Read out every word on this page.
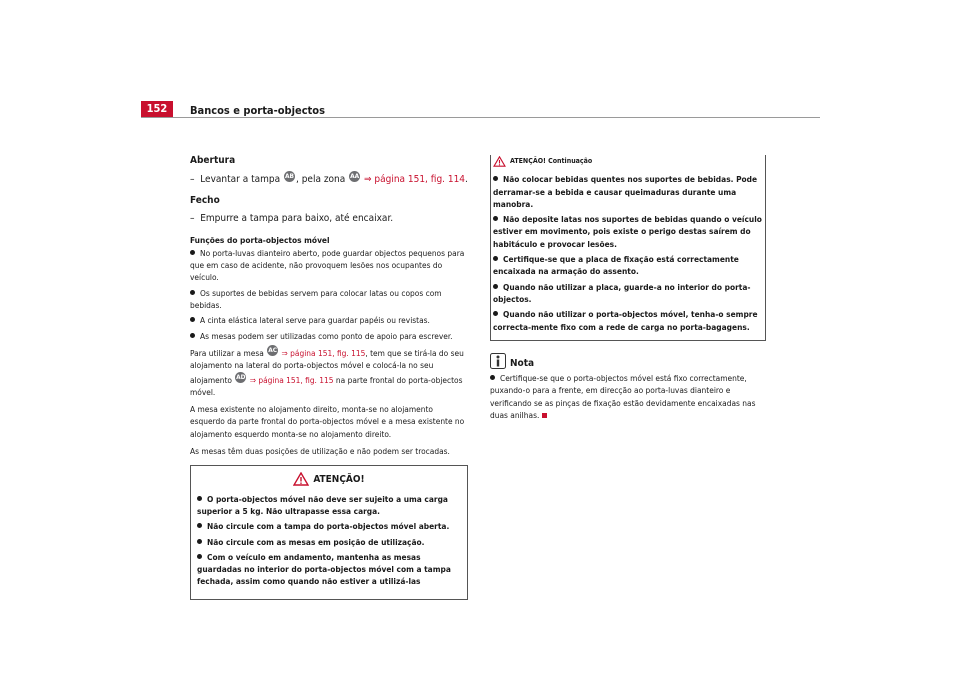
152	Bancos e porta-objectos
Abertura
–  Levantar a tampa AB , pela zona AA ⇒ página 151, fig. 114.
Fecho
–  Empurre a tampa para baixo, até encaixar.
Funções do porta-objectos móvel
No porta-luvas dianteiro aberto, pode guardar objectos pequenos para que em caso de acidente, não provoquem lesões nos ocupantes do veículo.
Os suportes de bebidas servem para colocar latas ou copos com bebidas.
A cinta elástica lateral serve para guardar papéis ou revistas.
As mesas podem ser utilizadas como ponto de apoio para escrever.

Para utilizar a mesa AC ⇒ página 151, fig. 115, tem que se tirá-la do seu alojamento na lateral do porta-objectos móvel e colocá-la no seu alojamento AD ⇒ página 151, fig. 115 na parte frontal do porta-objectos móvel.

A mesa existente no alojamento direito, monta-se no alojamento esquerdo da parte frontal do porta-objectos móvel e a mesa existente no alojamento esquerdo monta-se no alojamento direito.

As mesas têm duas posições de utilização e não podem ser trocadas.

ATENÇÃO!
O porta-objectos móvel não deve ser sujeito a uma carga superior a 5 kg. Não ultrapasse essa carga.
Não circule com a tampa do porta-objectos móvel aberta.
Não circule com as mesas em posição de utilização.
Com o veículo em andamento, mantenha as mesas guardadas no interior do porta-objectos móvel com a tampa fechada, assim como quando não estiver a utilizá-las
ATENÇÃO! Continuação
Não colocar bebidas quentes nos suportes de bebidas. Pode derramar-se a bebida e causar queimaduras durante uma manobra.
Não deposite latas nos suportes de bebidas quando o veículo estiver em movimento, pois existe o perigo destas saírem do habitáculo e provocar lesões.
Certifique-se que a placa de fixação está correctamente encaixada na armação do assento.
Quando não utilizar a placa, guarde-a no interior do porta-objectos.
Quando não utilizar o porta-objectos móvel, tenha-o sempre correcta-mente fixo com a rede de carga no porta-bagagens.
Nota
Certifique-se que o porta-objectos móvel está fixo correctamente, puxando-o para a frente, em direcção ao porta-luvas dianteiro e verificando se as pinças de fixação estão devidamente encaixadas nas duas anilhas.
